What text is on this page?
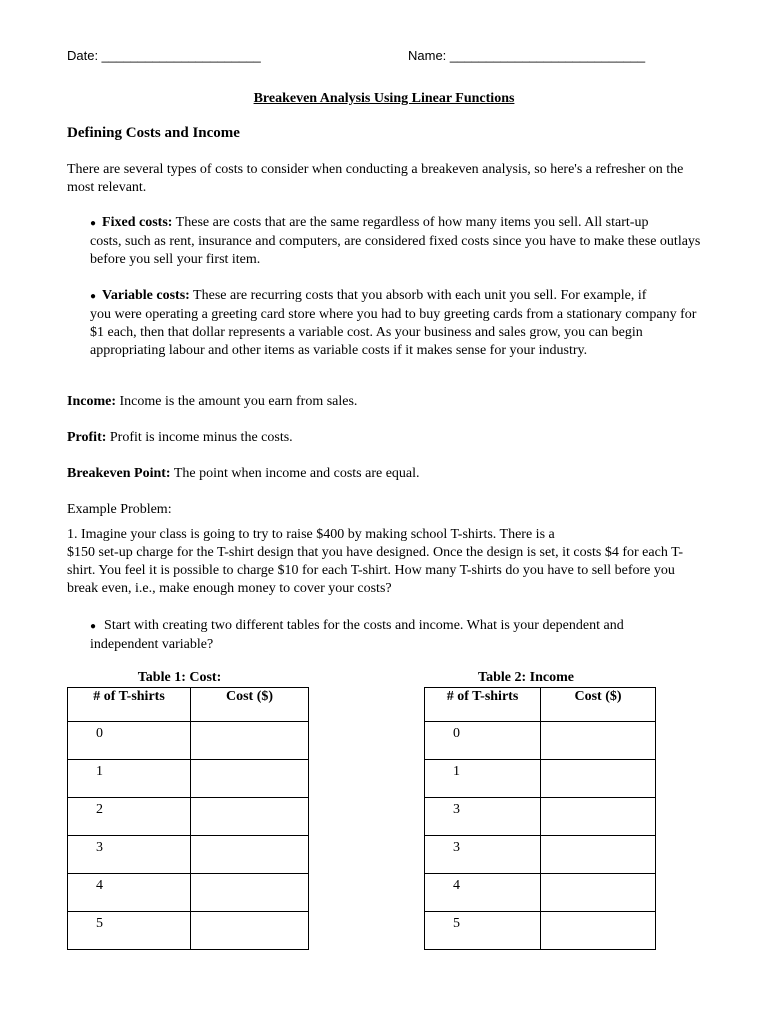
Date: ______________________	Name: ___________________________
Breakeven Analysis Using Linear Functions
Defining Costs and Income
There are several types of costs to consider when conducting a breakeven analysis, so here's a refresher on the most relevant.
● Fixed costs: These are costs that are the same regardless of how many items you sell. All start-up
costs, such as rent, insurance and computers, are considered fixed costs since you have to make these outlays before you sell your first item.
● Variable costs: These are recurring costs that you absorb with each unit you sell. For example, if
you were operating a greeting card store where you had to buy greeting cards from a stationary company for $1 each, then that dollar represents a variable cost. As your business and sales grow, you can begin appropriating labour and other items as variable costs if it makes sense for your industry.
Income: Income is the amount you earn from sales.
Profit: Profit is income minus the costs.
Breakeven Point: The point when income and costs are equal.
Example Problem:
1. Imagine your class is going to try to raise $400 by making school T-shirts. There is a
$150 set-up charge for the T-shirt design that you have designed. Once the design is set, it costs $4 for each T-shirt. You feel it is possible to charge $10 for each T-shirt. How many T-shirts do you have to sell before you break even, i.e., make enough money to cover your costs?
● Start with creating two different tables for the costs and income. What is your dependent and independent variable?
Table 1: Cost:
# of T-shirts	Cost ($)
0	
1	
2	
3	
4	
5	
Table 2: Income
# of T-shirts	Cost ($)
0	
1	
3	
3	
4	
5	
